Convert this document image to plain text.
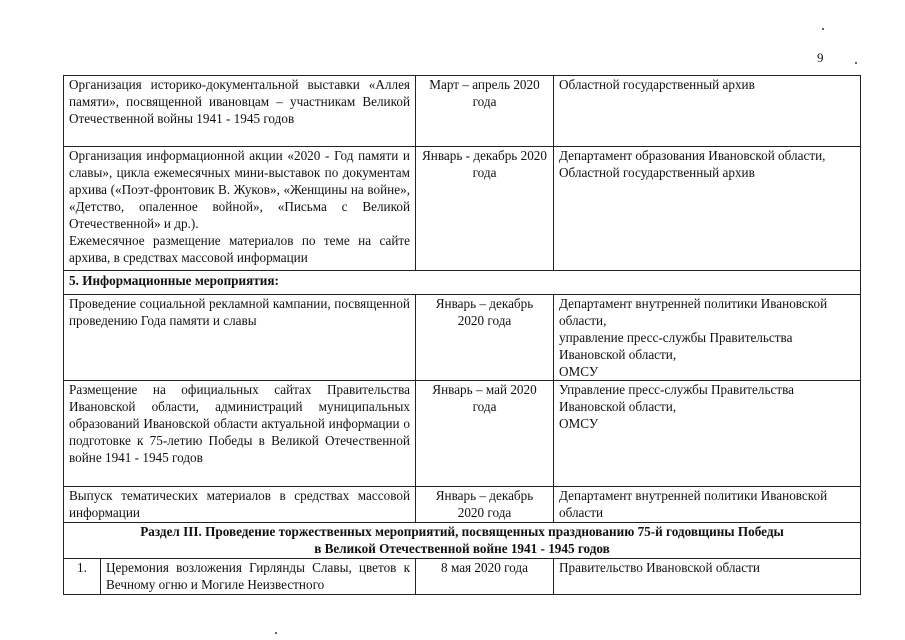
9
Организация историко-документальной выставки «Аллея памяти», посвященной ивановцам – участникам Великой Отечественной войны 1941 - 1945 годов		Март – апрель 2020 года	Областной государственный архив

Организация информационной акции «2020 - Год памяти и славы», цикла ежемесячных мини-выставок по документам архива («Поэт-фронтовик В. Жуков», «Женщины на войне», «Детство, опаленное войной», «Письма с Великой Отечественной» и др.).
Ежемесячное размещение материалов по теме на сайте архива, в средствах массовой информации		Январь - декабрь 2020 года	Департамент образования Ивановской области, Областной государственный архив
5. Информационные мероприятия:			
Проведение социальной рекламной кампании, посвященной проведению Года памяти и славы		Январь – декабрь 2020 года	Департамент внутренней политики Ивановской области,
управление пресс-службы Правительства Ивановской области,
ОМСУ

Размещение на официальных сайтах Правительства Ивановской области, администраций муниципальных образований Ивановской области актуальной информации о подготовке к 75-летию Победы в Великой Отечественной войне 1941 - 1945 годов		Январь – май 2020 года	Управление пресс-службы Правительства Ивановской области,
ОМСУ

Выпуск тематических материалов в средствах массовой информации		Январь – декабрь 2020 года	Департамент внутренней политики Ивановской области

Раздел III. Проведение торжественных мероприятий, посвященных празднованию 75-й годовщины Победы
в Великой Отечественной войне 1941 - 1945 годов			

1.	Церемония возложения Гирлянды Славы, цветов к Вечному огню и Могиле Неизвестного	8 мая 2020 года	Правительство Ивановской области
